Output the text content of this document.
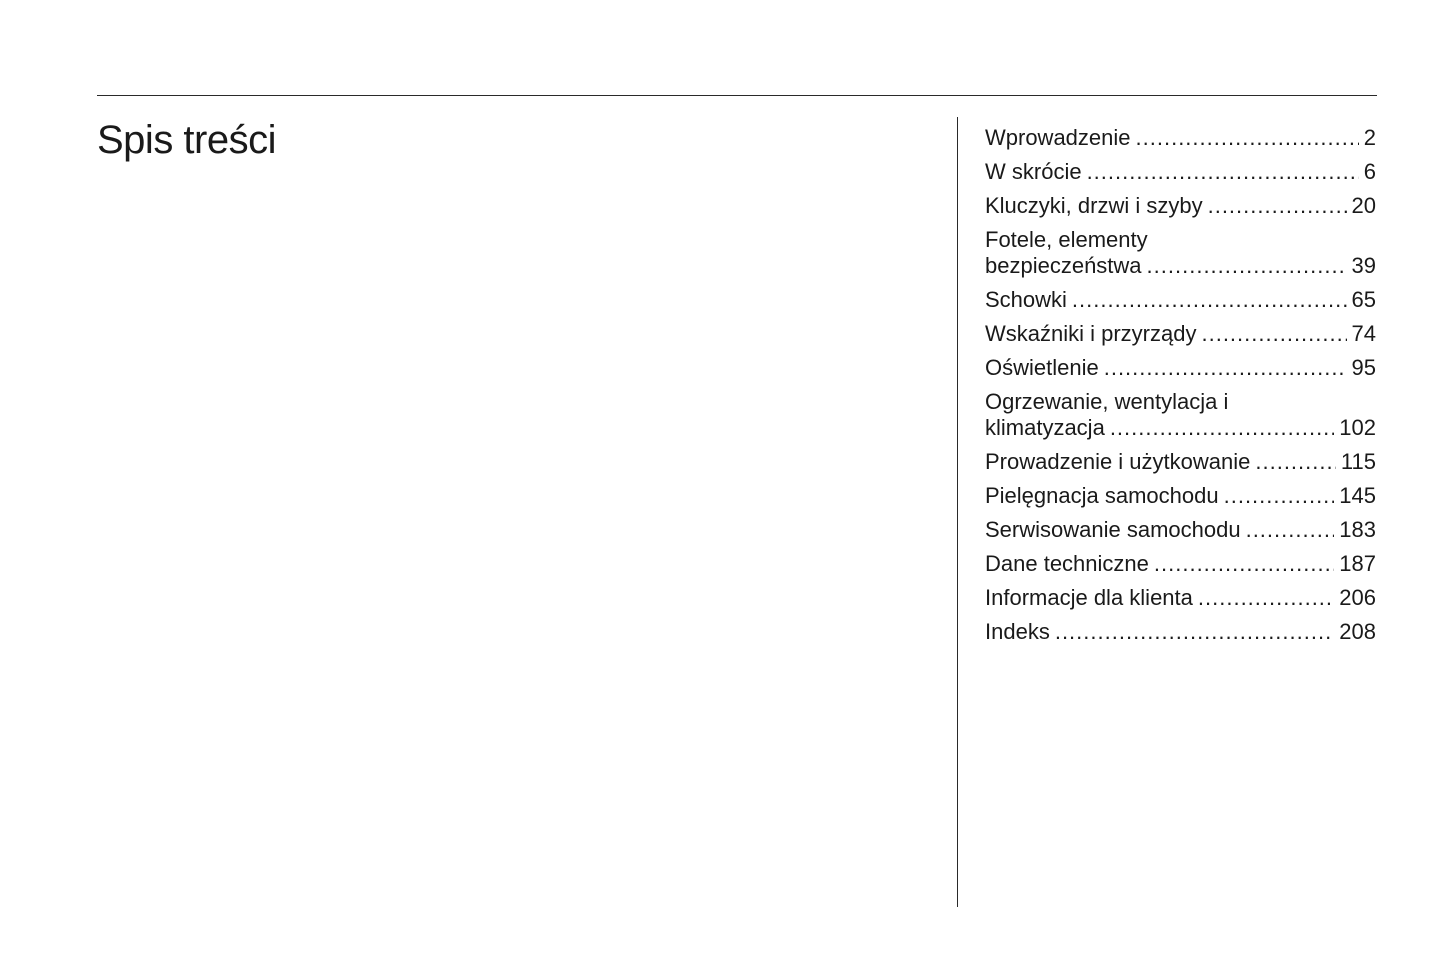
Spis treści	Wprowadzenie .....	2
W skrócie .....	6
Kluczyki, drzwi i szyby .....	20
Fotele, elementy
bezpieczeństwa .....	39
Schowki .....	65
Wskaźniki i przyrządy .....	74
Oświetlenie .....	95
Ogrzewanie, wentylacja i
klimatyzacja .....	102
Prowadzenie i użytkowanie .....	115
Pielęgnacja samochodu .....	145
Serwisowanie samochodu .....	183
Dane techniczne .....	187
Informacje dla klienta .....	206
Indeks .....	208
